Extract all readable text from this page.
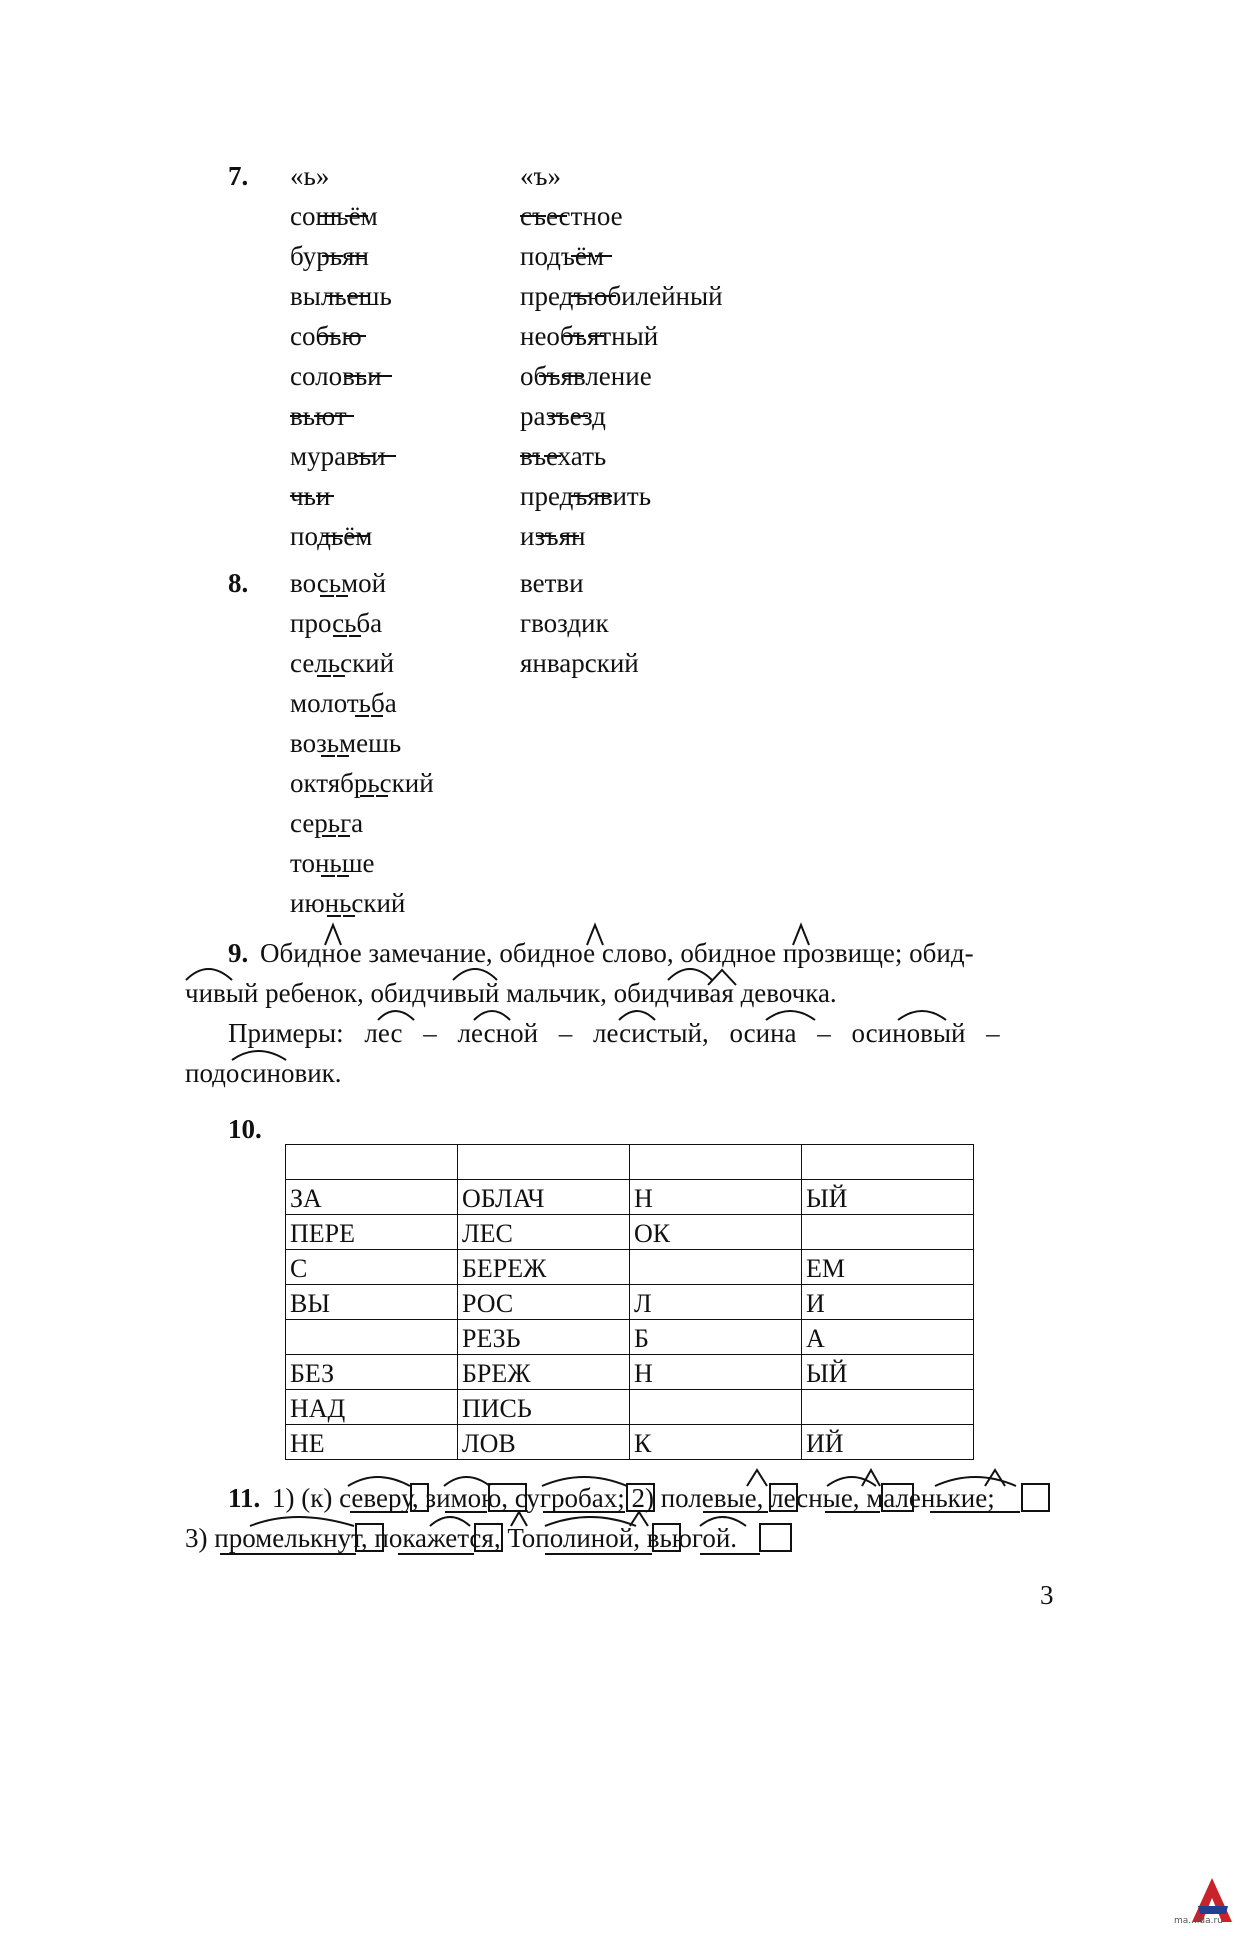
7. «ь»
сошьём
бурьян
выльешь
собью
соловьи
вьют
муравьи
чьи
подьём
«ъ»
съестное
подъём
предъюбилейный
необъятный
объявление
разъезд
въехать
предъявить
изъян
8. восьмой
просьба
сельский
молотьба
возьмешь
октябрьский
серьга
тоньше
июньский
ветви
гвоздик
январский
9. Обидное замечание, обидное слово, обидное прозвище; обид-
чивый ребенок, обидчивый мальчик, обидчивая девочка.
Примеры: лес – лесной – лесистый, осина – осиновый –
подосиновик.
10.

ЗА	ОБЛАЧ	Н	ЫЙ
ПЕРЕ	ЛЕС	ОК	
С	БЕРЕЖ		ЕМ
ВЫ	РОС	Л	И
	РЕЗЬ	Б	А
БЕЗ	БРЕЖ	Н	ЫЙ
НАД	ПИСЬ		
НЕ	ЛОВ	К	ИЙ
11. 1) (к) северу, зимою, сугробах; 2) полевые, лесные, маленькие;
3) промелькнут, покажется, Тополиной, вьюгой.
3
ma...ida.ru
